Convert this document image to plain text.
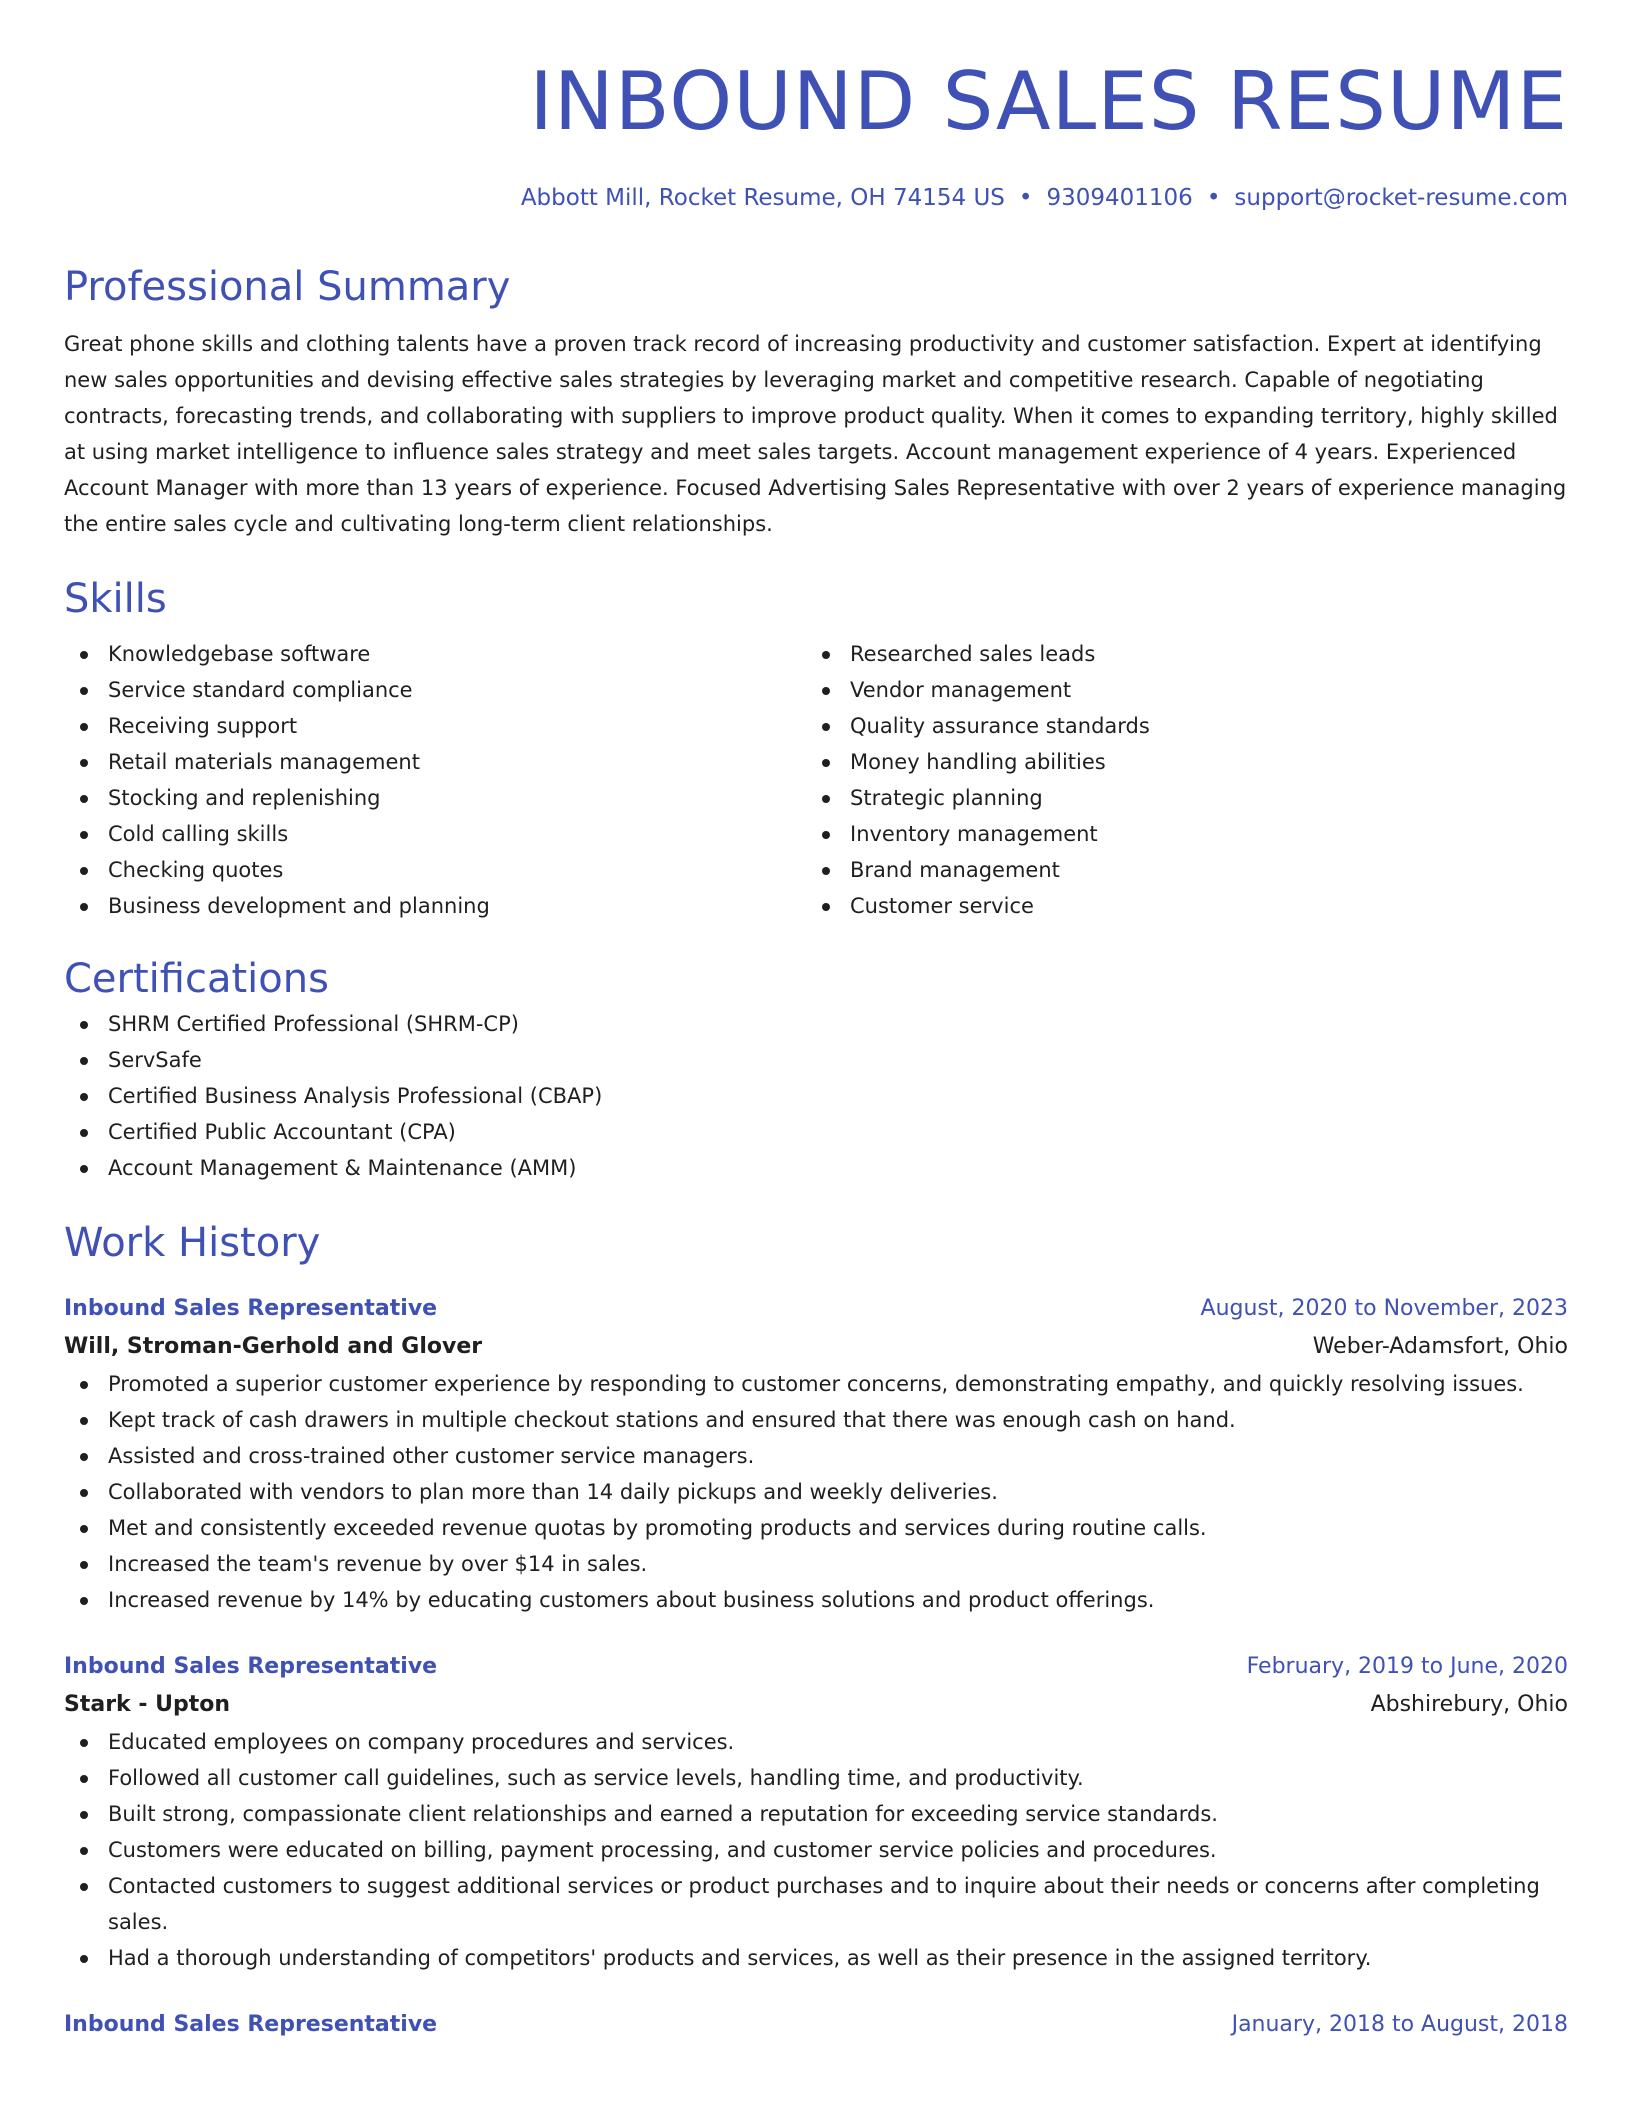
INBOUND SALES RESUME
Abbott Mill, Rocket Resume, OH 74154 US • 9309401106 • support@rocket-resume.com
Professional Summary
Great phone skills and clothing talents have a proven track record of increasing productivity and customer satisfaction. Expert at identifying new sales opportunities and devising effective sales strategies by leveraging market and competitive research. Capable of negotiating contracts, forecasting trends, and collaborating with suppliers to improve product quality. When it comes to expanding territory, highly skilled at using market intelligence to influence sales strategy and meet sales targets. Account management experience of 4 years. Experienced Account Manager with more than 13 years of experience. Focused Advertising Sales Representative with over 2 years of experience managing the entire sales cycle and cultivating long-term client relationships.
Skills
Knowledgebase software
Service standard compliance
Receiving support
Retail materials management
Stocking and replenishing
Cold calling skills
Checking quotes
Business development and planning
Researched sales leads
Vendor management
Quality assurance standards
Money handling abilities
Strategic planning
Inventory management
Brand management
Customer service
Certifications
SHRM Certified Professional (SHRM-CP)
ServSafe
Certified Business Analysis Professional (CBAP)
Certified Public Accountant (CPA)
Account Management & Maintenance (AMM)
Work History
Inbound Sales Representative	August, 2020 to November, 2023
Will, Stroman-Gerhold and Glover	Weber-Adamsfort, Ohio
Promoted a superior customer experience by responding to customer concerns, demonstrating empathy, and quickly resolving issues.
Kept track of cash drawers in multiple checkout stations and ensured that there was enough cash on hand.
Assisted and cross-trained other customer service managers.
Collaborated with vendors to plan more than 14 daily pickups and weekly deliveries.
Met and consistently exceeded revenue quotas by promoting products and services during routine calls.
Increased the team's revenue by over $14 in sales.
Increased revenue by 14% by educating customers about business solutions and product offerings.
Inbound Sales Representative	February, 2019 to June, 2020
Stark - Upton	Abshirebury, Ohio
Educated employees on company procedures and services.
Followed all customer call guidelines, such as service levels, handling time, and productivity.
Built strong, compassionate client relationships and earned a reputation for exceeding service standards.
Customers were educated on billing, payment processing, and customer service policies and procedures.
Contacted customers to suggest additional services or product purchases and to inquire about their needs or concerns after completing sales.
Had a thorough understanding of competitors' products and services, as well as their presence in the assigned territory.
Inbound Sales Representative	January, 2018 to August, 2018
